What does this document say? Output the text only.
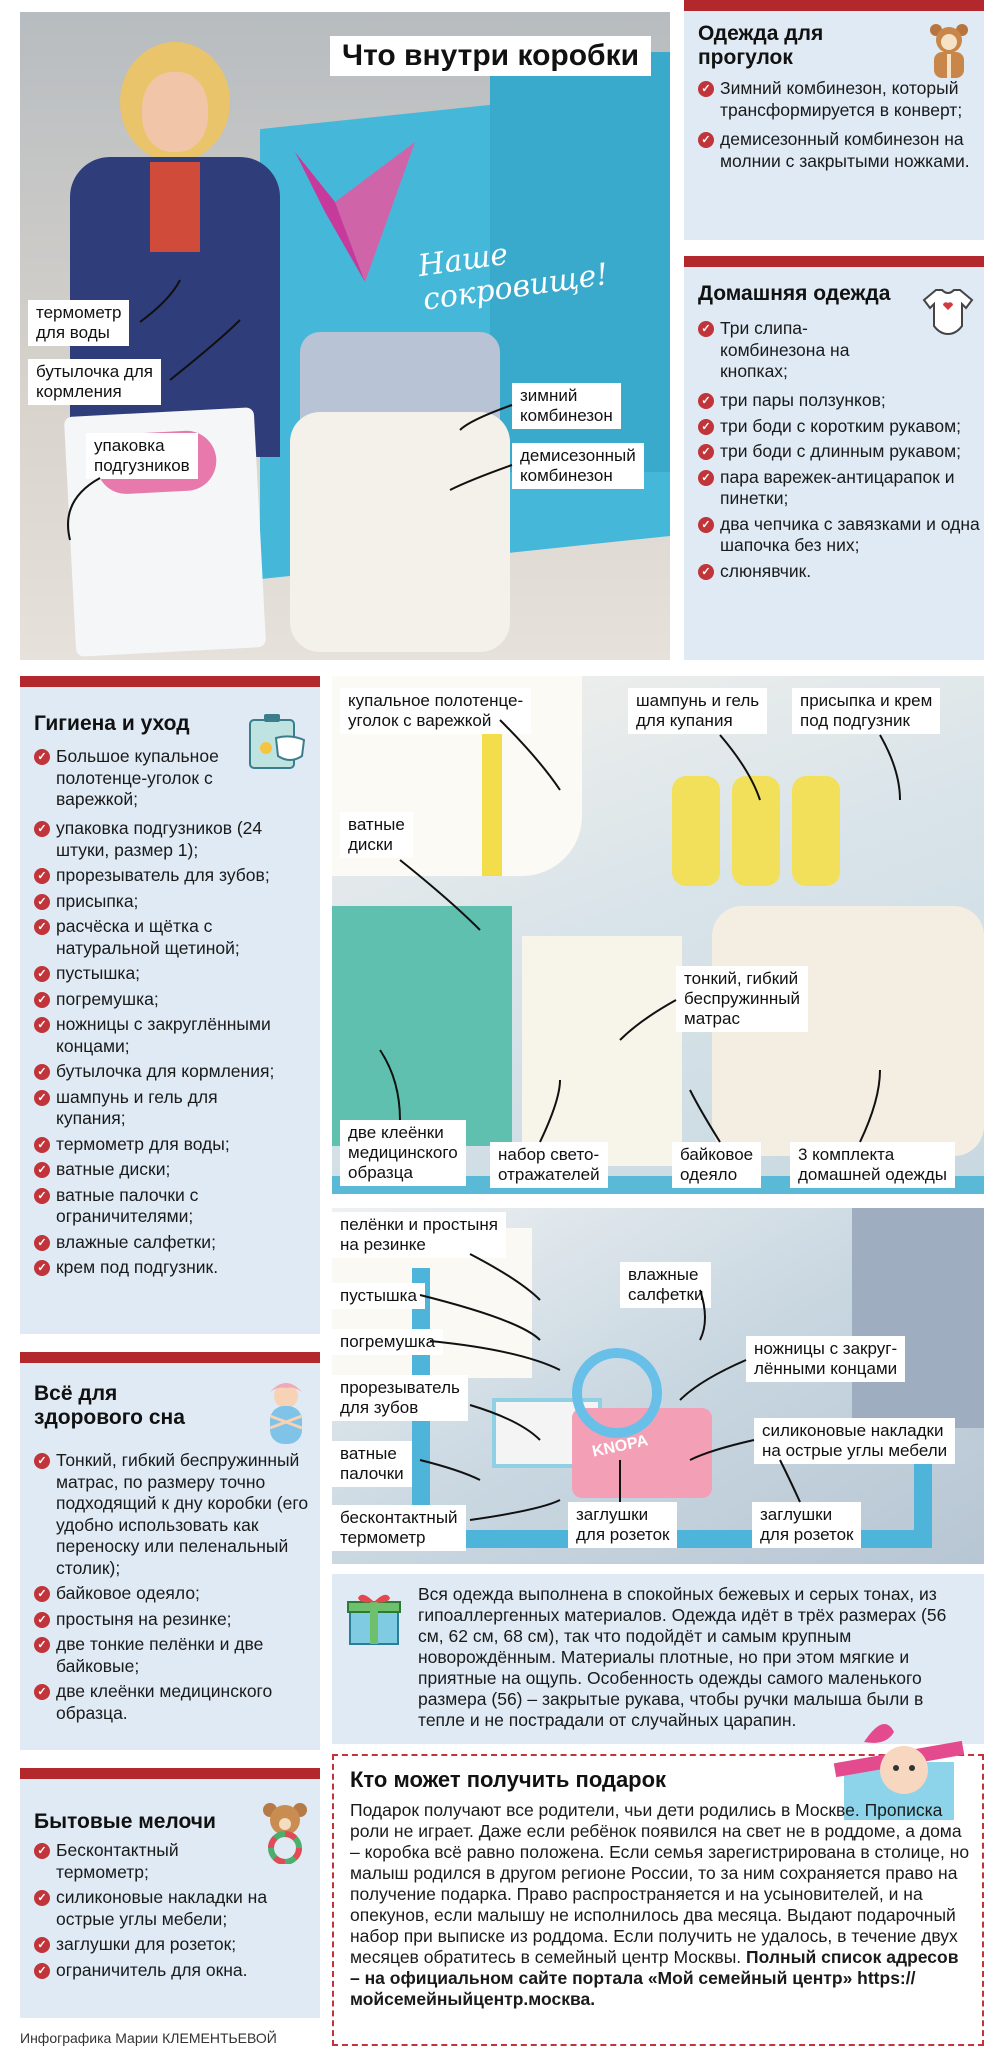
Наше
сокровище!
Что внутри коробки
термометр
для воды
бутылочка для
кормления
упаковка
подгузников
зимний
комбинезон
демисезонный
комбинезон
Одежда для
прогулок
✓ Зимний комбинезон, который трансформируется в конверт;
✓ демисезонный комбинезон на молнии с закрытыми ножками.
Домашняя одежда
✓ Три слипа-комбинезона на кнопках;
✓ три пары ползунков;
✓ три боди с коротким рукавом;
✓ три боди с длинным рукавом;
✓ пара варежек-антицарапок и пинетки;
✓ два чепчика с завязками и одна шапочка без них;
✓ слюнявчик.
Гигиена и уход
✓ Большое купальное полотенце-уголок с варежкой;
✓ упаковка подгузников (24 штуки, размер 1);
✓ прорезыватель для зубов;
✓ присыпка;
✓ расчёска и щётка с натуральной щетиной;
✓ пустышка;
✓ погремушка;
✓ ножницы с закруглёнными концами;
✓ бутылочка для кормления;
✓ шампунь и гель для купания;
✓ термометр для воды;
✓ ватные диски;
✓ ватные палочки с ограничителями;
✓ влажные салфетки;
✓ крем под подгузник.
купальное полотенце-
уголок с варежкой
шампунь и гель
для купания
присыпка и крем
под подгузник
ватные
диски
тонкий, гибкий
беспружинный
матрас
две клеёнки
медицинского
образца
набор свето-
отражателей
байковое
одеяло
3 комплекта
домашней одежды
KNOPA
пелёнки и простыня
на резинке
пустышка
погремушка
прорезыватель
для зубов
ватные
палочки
бесконтактный
термометр
влажные
салфетки
ножницы с закруг-
лёнными концами
силиконовые накладки
на острые углы мебели
заглушки
для розеток
заглушки
для розеток
Всё для
здорового сна
✓ Тонкий, гибкий беспружинный матрас, по размеру точно подходящий к дну коробки (его удобно использовать как переноску или пеленальный столик);
✓ байковое одеяло;
✓ простыня на резинке;
✓ две тонкие пелёнки и две байковые;
✓ две клеёнки медицинского образца.
Бытовые мелочи
✓ Бесконтактный термометр;
✓ силиконовые накладки на острые углы мебели;
✓ заглушки для розеток;
✓ ограничитель для окна.
Вся одежда выполнена в спокойных бежевых и серых тонах, из гипоаллергенных материалов. Одежда идёт в трёх размерах (56 см, 62 см, 68 см), так что подойдёт и самым крупным новорождённым. Материалы плотные, но при этом мягкие и приятные на ощупь. Особенность одежды самого маленького размера (56) – закрытые рукава, чтобы ручки малыша были в тепле и не пострадали от случайных царапин.
Кто может получить подарок
Подарок получают все родители, чьи дети родились в Москве. Прописка роли не играет. Даже если ребёнок появился на свет не в роддоме, а дома – коробка всё равно положена. Если семья зарегистрирована в столице, но малыш родился в другом регионе России, то за ним сохраняется право на получение подарка. Право распространяется и на усыновителей, и на опекунов, если малышу не исполнилось два месяца. Выдают подарочный набор при выписке из роддома. Если получить не удалось, в течение двух месяцев обратитесь в семейный центр Москвы. Полный список адресов – на официальном сайте портала «Мой семейный центр» https://мойсемейныйцентр.москва.
Инфографика Марии КЛЕМЕНТЬЕВОЙ
